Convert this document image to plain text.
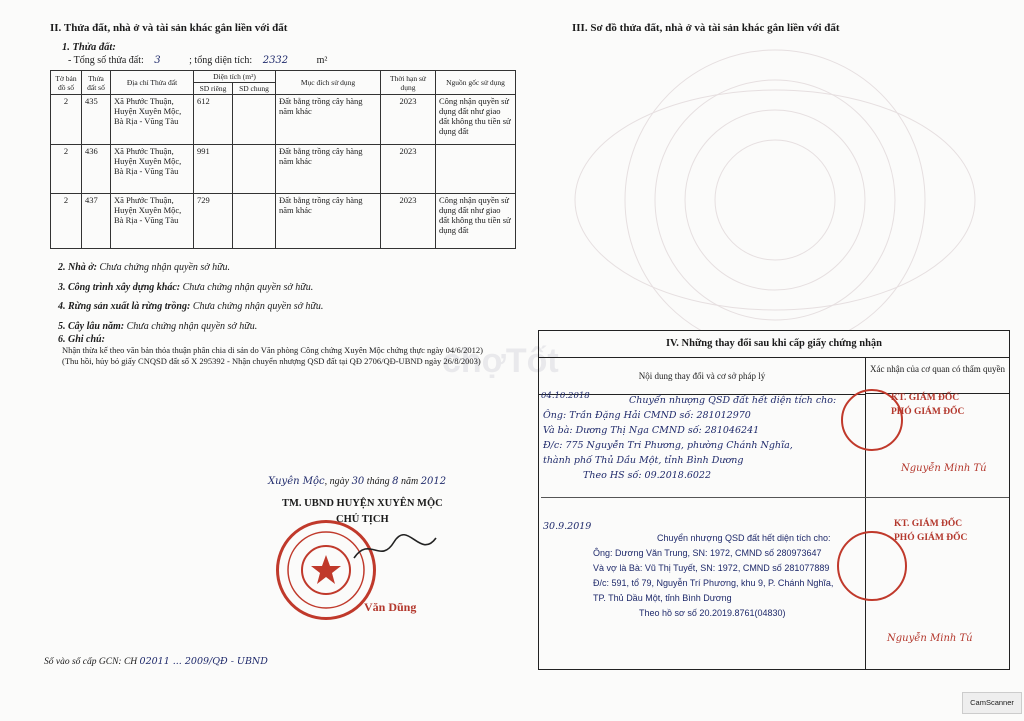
chợTốt
II. Thửa đất, nhà ở và tài sản khác gắn liền với đất
1. Thửa đất:
- Tổng số thửa đất: 3	; tổng diện tích: 2332	m²
Tờ bản đồ số	Thửa đất số	Địa chỉ Thửa đất	Diện tích (m²)		Mục đích sử dụng	Thời hạn sử dụng	Nguồn gốc sử dụng
			SD riêng	SD chung			
2	435	Xã Phước Thuận, Huyện Xuyên Mộc, Bà Rịa - Vũng Tàu	612		Đất bằng trồng cây hàng năm khác	2023	Công nhận quyền sử dụng đất như giao đất không thu tiền sử dụng đất
2	436	Xã Phước Thuận, Huyện Xuyên Mộc, Bà Rịa - Vũng Tàu	991		Đất bằng trồng cây hàng năm khác	2023	
2	437	Xã Phước Thuận, Huyện Xuyên Mộc, Bà Rịa - Vũng Tàu	729		Đất bằng trồng cây hàng năm khác	2023	Công nhận quyền sử dụng đất như giao đất không thu tiền sử dụng đất
2. Nhà ở: Chưa chứng nhận quyền sở hữu.
3. Công trình xây dựng khác: Chưa chứng nhận quyền sở hữu.
4. Rừng sản xuất là rừng trồng: Chưa chứng nhận quyền sở hữu.
5. Cây lâu năm: Chưa chứng nhận quyền sở hữu.
6. Ghi chú:
Nhận thừa kế theo văn bản thỏa thuận phân chia di sản do Văn phòng Công chứng Xuyên Mộc chứng thực ngày 04/6/2012)
(Thu hồi, hủy bỏ giấy CNQSD đất số X 295392 - Nhận chuyển nhượng QSD đất tại QĐ 2706/QĐ-UBND ngày 26/8/2003)
Xuyên Mộc, ngày 30 tháng 8 năm 2012
TM. UBND HUYỆN XUYÊN MỘC
CHỦ TỊCH
Văn Dũng
Số vào sổ cấp GCN: CH 02011 ... 2009/QĐ - UBND
III. Sơ đồ thửa đất, nhà ở và tài sản khác gắn liền với đất
IV. Những thay đổi sau khi cấp giấy chứng nhận
Nội dung thay đổi và cơ sở pháp lý
Xác nhận của cơ quan có thẩm quyền
04.10.2018	Chuyển nhượng QSD đất hết diện tích cho:
Ông: Trần Đặng Hải CMND số: 281012970
Và bà: Dương Thị Nga CMND số: 281046241
Đ/c: 775 Nguyễn Tri Phương, phường Chánh Nghĩa,
thành phố Thủ Dầu Một, tỉnh Bình Dương
Theo HS số: 09.2018.6022
KT. GIÁM ĐỐC
PHÓ GIÁM ĐỐC
Nguyễn Minh Tú
30.9.2019
Chuyển nhượng QSD đất hết diện tích cho:
Ông: Dương Văn Trung, SN: 1972, CMND số 280973647
Và vợ là Bà: Vũ Thị Tuyết, SN: 1972, CMND số 281077889
Đ/c: 591, tổ 79, Nguyễn Trí Phương, khu 9, P. Chánh Nghĩa,
TP. Thủ Dầu Một, tỉnh Bình Dương
Theo hồ sơ số 20.2019.8761(04830)
KT. GIÁM ĐỐC
PHÓ GIÁM ĐỐC
Nguyễn Minh Tú
CamScanner
